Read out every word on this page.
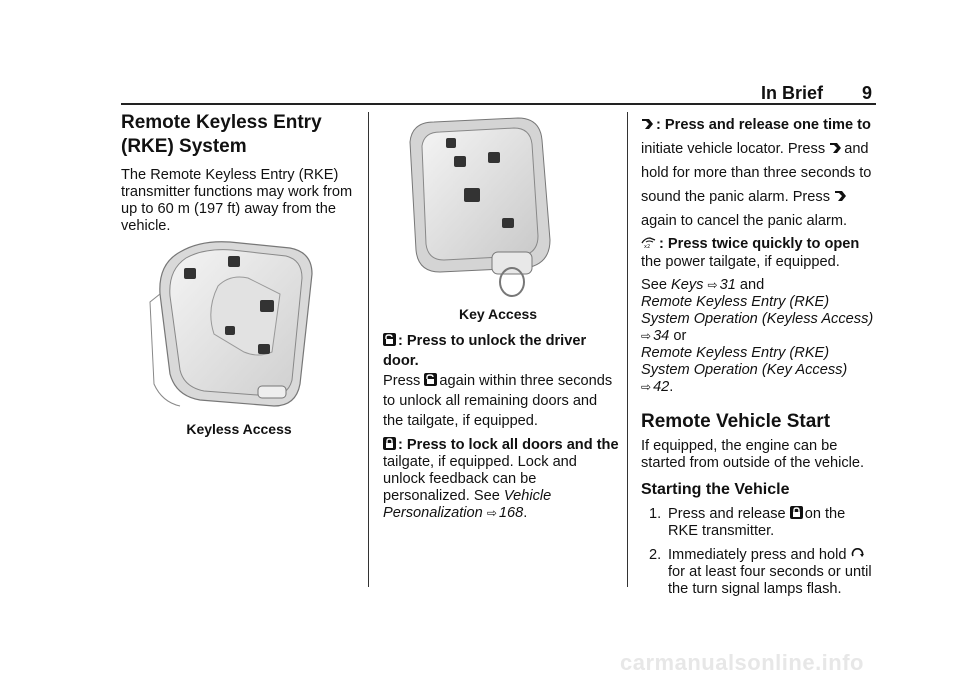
In Brief 9
Remote Keyless Entry
(RKE) System

The Remote Keyless Entry (RKE) transmitter functions may work from up to 60 m (197 ft) away from the vehicle.

Keyless Access
Key Access

: Press to unlock the driver door.
Press again within three seconds
to unlock all remaining doors and
the tailgate, if equipped.

: Press to lock all doors and the tailgate, if equipped. Lock and unlock feedback can be personalized. See Vehicle Personalization ⇨ 168.

: Press and release one time to
initiate vehicle locator. Press and
hold for more than three seconds to
sound the panic alarm. Press

again to cancel the panic alarm.

x2 : Press twice quickly to open
the power tailgate, if equipped.

See Keys ⇨ 31 and
Remote Keyless Entry (RKE) System Operation (Keyless Access)
⇨ 34 or
Remote Keyless Entry (RKE) System Operation (Key Access)
⇨ 42.

Remote Vehicle Start

If equipped, the engine can be started from outside of the vehicle.

Starting the Vehicle
1. Press and release on the RKE transmitter.
2. Immediately press and hold

for at least four seconds or until the turn signal lamps flash.
carmanualsonline.info
